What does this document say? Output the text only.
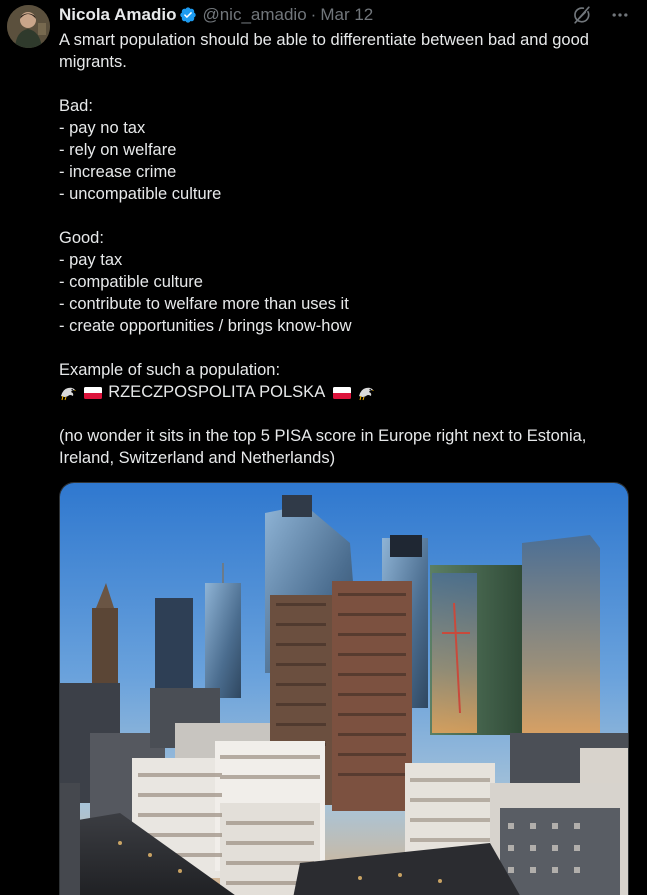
Nicola Amadio @nic_amadio · Mar 12
A smart population should be able to differentiate between bad and good migrants.
Bad:
- pay no tax
- rely on welfare
- increase crime
- uncompatible culture
Good:
- pay tax
- compatible culture
- contribute to welfare more than uses it
- create opportunities / brings know-how
Example of such a population:
RZECZPOSPOLITA POLSKA
(no wonder it sits in the top 5 PISA score in Europe right next to Estonia, Ireland, Switzerland and Netherlands)
